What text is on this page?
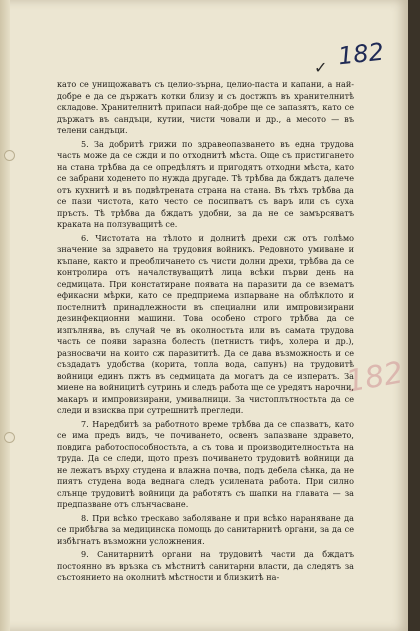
✓ 182
182

като се унищожаватъ съ целио-зърна, целио-паста и капани, а най-добре е да се държатъ котки близу и съ достжпъ въ хранителнитѣ складове. Хранителнитѣ припаси най-добре ще се запазятъ, като се държатъ въ сандъци, кутии, чисти човали и др., а месото — въ телени сандъци.

5. За добритѣ грижи по здравеопазването въ една трудова часть може да се сжди и по отходнитѣ мѣста. Още съ пристигането на стана трѣбва да се опредѣлятъ и пригодятъ отходни мѣста, като се забрани ходенето по нужда другаде. Тѣ трѣбва да бждатъ далече отъ кухнитѣ и въ подвѣтрената страна на стана. Въ тѣхъ трѣбва да се пази чистота, като често се посипватъ съ варъ или съ суха пръсть. Тѣ трѣбва да бждатъ удобни, за да не се замърсяватъ краката на ползуващитѣ се.

6. Чистотата на тѣлото и долнитѣ дрехи сж отъ голѣмо значение за здравето на трудовия войникъ. Редовното умиване и къпане, както и преобличането съ чисти долни дрехи, трѣбва да се контролира отъ началствуващитѣ лица всѣки първи день на седмицата. При констатиране появата на паразити да се взематъ ефикасни мѣрки, като се предприема изпарване на облѣклото и постелнитѣ принадлежности въ специални или импровизирани дезинфекционни машини. Това особено строго трѣбва да се изпълнява, въ случай че въ околностьта или въ самата трудова часть се появи заразна болесть (петнистъ тифъ, холера и др.), разносвачи на които сж паразититѣ. Да се дава възможность и се създадатъ удобства (корита, топла вода, сапунъ) на трудовитѣ войници единъ пжтъ въ седмицата да могатъ да се изператъ. За миене на войницитѣ сутринь и следъ работа ще се уредятъ нарочни, макаръ и импровизирани, умивалници. За чистоплътностьта да се следи и взисква при сутрешнитѣ прегледи.

7. Наредбитѣ за работното време трѣбва да се спазватъ, като се има предъ видъ, че почиването, освенъ запазване здравето, повдига работоспособностьта, а съ това и производителностьта на труда. Да се следи, щото презъ почиването трудовитѣ войници да не лежатъ върху студена и влажна почва, подъ дебела сѣнка, да не пиятъ студена вода веднага следъ усилената работа. При силно слънце трудовитѣ войници да работятъ съ шапки на главата — за предпазване отъ слънчасване.

8. При всѣко трескаво заболяване и при всѣко нараняване да се прибѣгва за медицинска помощь до санитарнитѣ органи, за да се избѣгнатъ възможни усложнения.

9. Санитарнитѣ органи на трудовитѣ части да бждатъ постоянно въ връзка съ мѣстнитѣ санитарни власти, да следятъ за състоянието на околнитѣ мѣстности и близкитѣ на-
